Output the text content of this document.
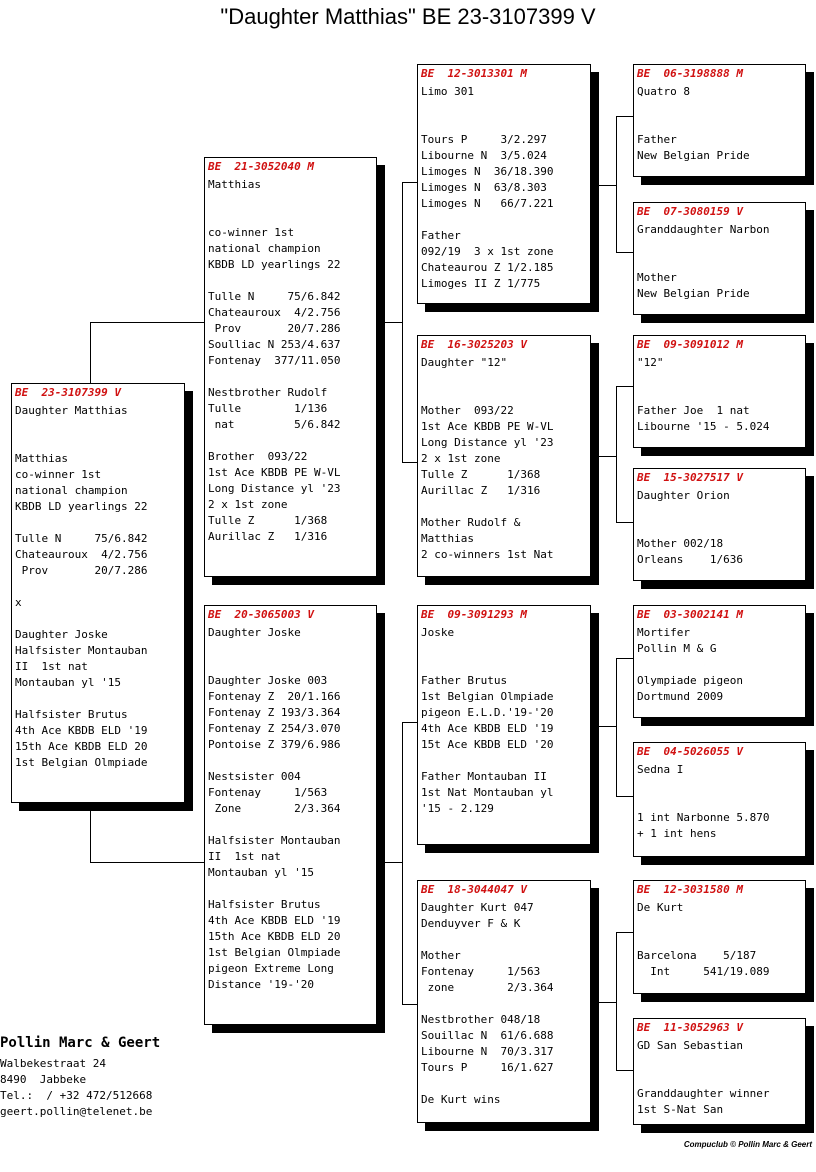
"Daughter Matthias" BE 23-3107399 V
BE  23-3107399 V
Daughter Matthias

Matthias
co-winner 1st
national champion
KBDB LD yearlings 22

Tulle N     75/6.842
Chateauroux  4/2.756
Prov       20/7.286

x

Daughter Joske
Halfsister Montauban
II  1st nat
Montauban yl '15

Halfsister Brutus
4th Ace KBDB ELD '19
15th Ace KBDB ELD 20
1st Belgian Olmpiade
BE  21-3052040 M
Matthias

co-winner 1st
national champion
KBDB LD yearlings 22

Tulle N     75/6.842
Chateauroux  4/2.756
Prov       20/7.286
Soulliac N 253/4.637
Fontenay  377/11.050

Nestbrother Rudolf
Tulle        1/136
nat         5/6.842

Brother  093/22
1st Ace KBDB PE W-VL
Long Distance yl '23
2 x 1st zone
Tulle Z      1/368
Aurillac Z   1/316
BE  20-3065003 V
Daughter Joske

Daughter Joske 003
Fontenay Z  20/1.166
Fontenay Z 193/3.364
Fontenay Z 254/3.070
Pontoise Z 379/6.986

Nestsister 004
Fontenay     1/563
Zone        2/3.364

Halfsister Montauban
II  1st nat
Montauban yl '15

Halfsister Brutus
4th Ace KBDB ELD '19
15th Ace KBDB ELD 20
1st Belgian Olmpiade
pigeon Extreme Long
Distance '19-'20
BE  12-3013301 M
Limo 301

Tours P     3/2.297
Libourne N  3/5.024
Limoges N  36/18.390
Limoges N  63/8.303
Limoges N   66/7.221

Father
092/19  3 x 1st zone
Chateaurou Z 1/2.185
Limoges II Z 1/775
BE  16-3025203 V
Daughter "12"

Mother  093/22
1st Ace KBDB PE W-VL
Long Distance yl '23
2 x 1st zone
Tulle Z      1/368
Aurillac Z   1/316

Mother Rudolf &
Matthias
2 co-winners 1st Nat
BE  09-3091293 M
Joske

Father Brutus
1st Belgian Olmpiade
pigeon E.L.D.'19-'20
4th Ace KBDB ELD '19
15t Ace KBDB ELD '20

Father Montauban II
1st Nat Montauban yl
'15 - 2.129
BE  18-3044047 V
Daughter Kurt 047
Denduyver F & K

Mother
Fontenay     1/563
zone        2/3.364

Nestbrother 048/18
Souillac N  61/6.688
Libourne N  70/3.317
Tours P     16/1.627

De Kurt wins
BE  06-3198888 M
Quatro 8

Father
New Belgian Pride
BE  07-3080159 V
Granddaughter Narbon

Mother
New Belgian Pride
BE  09-3091012 M
"12"

Father Joe  1 nat
Libourne '15 - 5.024
BE  15-3027517 V
Daughter Orion

Mother 002/18
Orleans    1/636
BE  03-3002141 M
Mortifer
Pollin M & G

Olympiade pigeon
Dortmund 2009
BE  04-5026055 V
Sedna I

1 int Narbonne 5.870
+ 1 int hens
BE  12-3031580 M
De Kurt

Barcelona    5/187
Int     541/19.089
BE  11-3052963 V
GD San Sebastian

Granddaughter winner
1st S-Nat San
Pollin Marc & Geert
Walbekestraat 24
8490  Jabbeke
Tel.:  / +32 472/512668
geert.pollin@telenet.be
Compuclub © Pollin Marc & Geert
